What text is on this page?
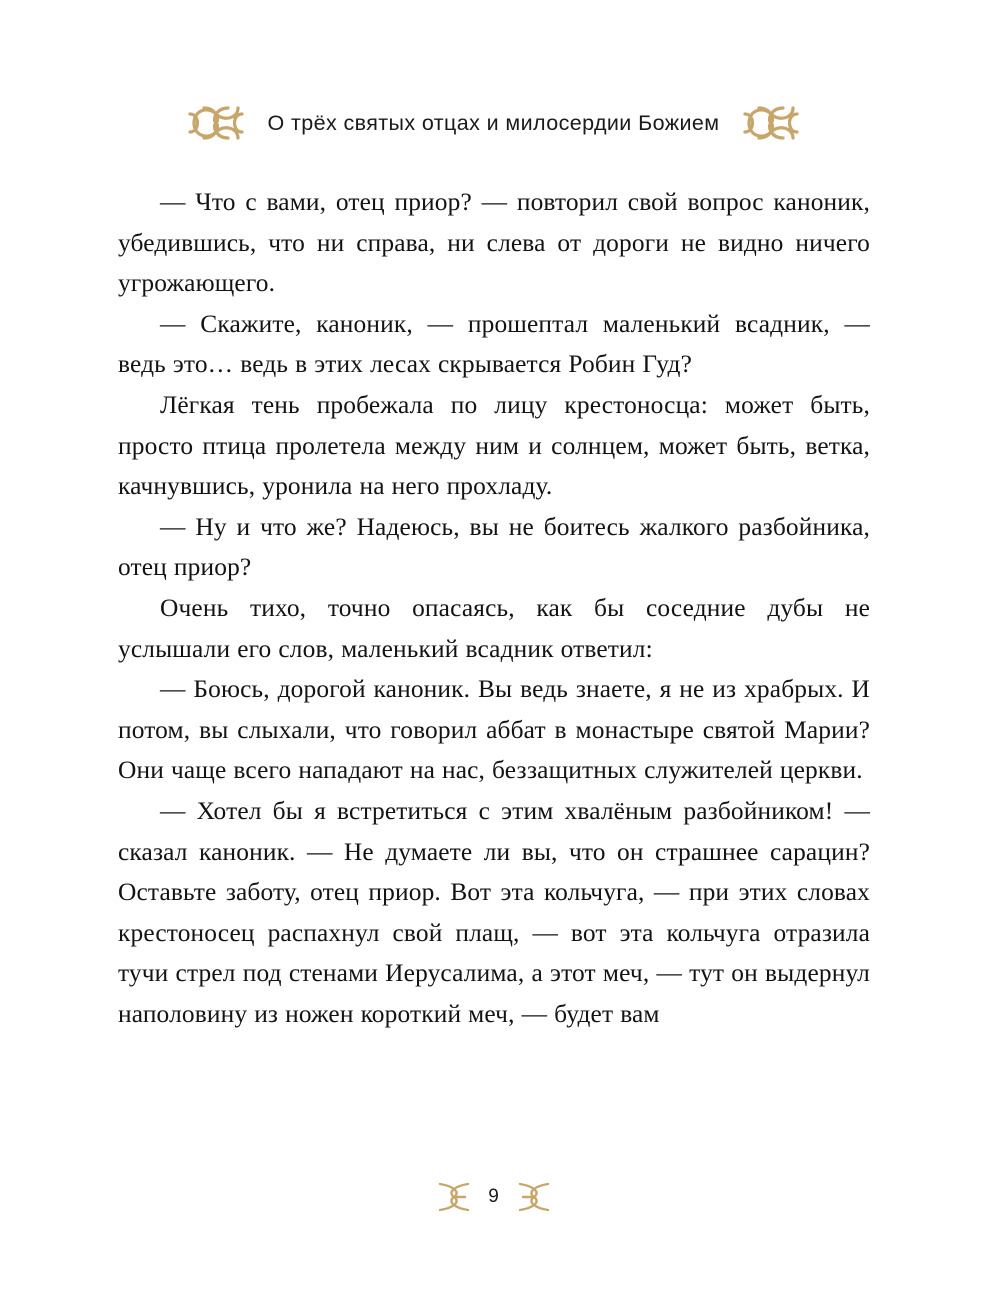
О трёх святых отцах и милосердии Божием

— Что с вами, отец приор? — повторил свой вопрос каноник, убедившись, что ни справа, ни слева от дороги не видно ничего угрожающего.

— Скажите, каноник, — прошептал маленький всадник, — ведь это… ведь в этих лесах скрывается Робин Гуд?

Лёгкая тень пробежала по лицу крестоносца: может быть, просто птица пролетела между ним и солнцем, может быть, ветка, качнувшись, уронила на него прохладу.

— Ну и что же? Надеюсь, вы не боитесь жалкого разбойника, отец приор?

Очень тихо, точно опасаясь, как бы соседние дубы не услышали его слов, маленький всадник ответил:

— Боюсь, дорогой каноник. Вы ведь знаете, я не из храбрых. И потом, вы слыхали, что говорил аббат в монастыре святой Марии? Они чаще всего нападают на нас, беззащитных служителей церкви.

— Хотел бы я встретиться с этим хвалёным разбойником! — сказал каноник. — Не думаете ли вы, что он страшнее сарацин? Оставьте заботу, отец приор. Вот эта кольчуга, — при этих словах крестоносец распахнул свой плащ, — вот эта кольчуга отразила тучи стрел под стенами Иерусалима, а этот меч, — тут он выдернул наполовину из ножен короткий меч, — будет вам

9
